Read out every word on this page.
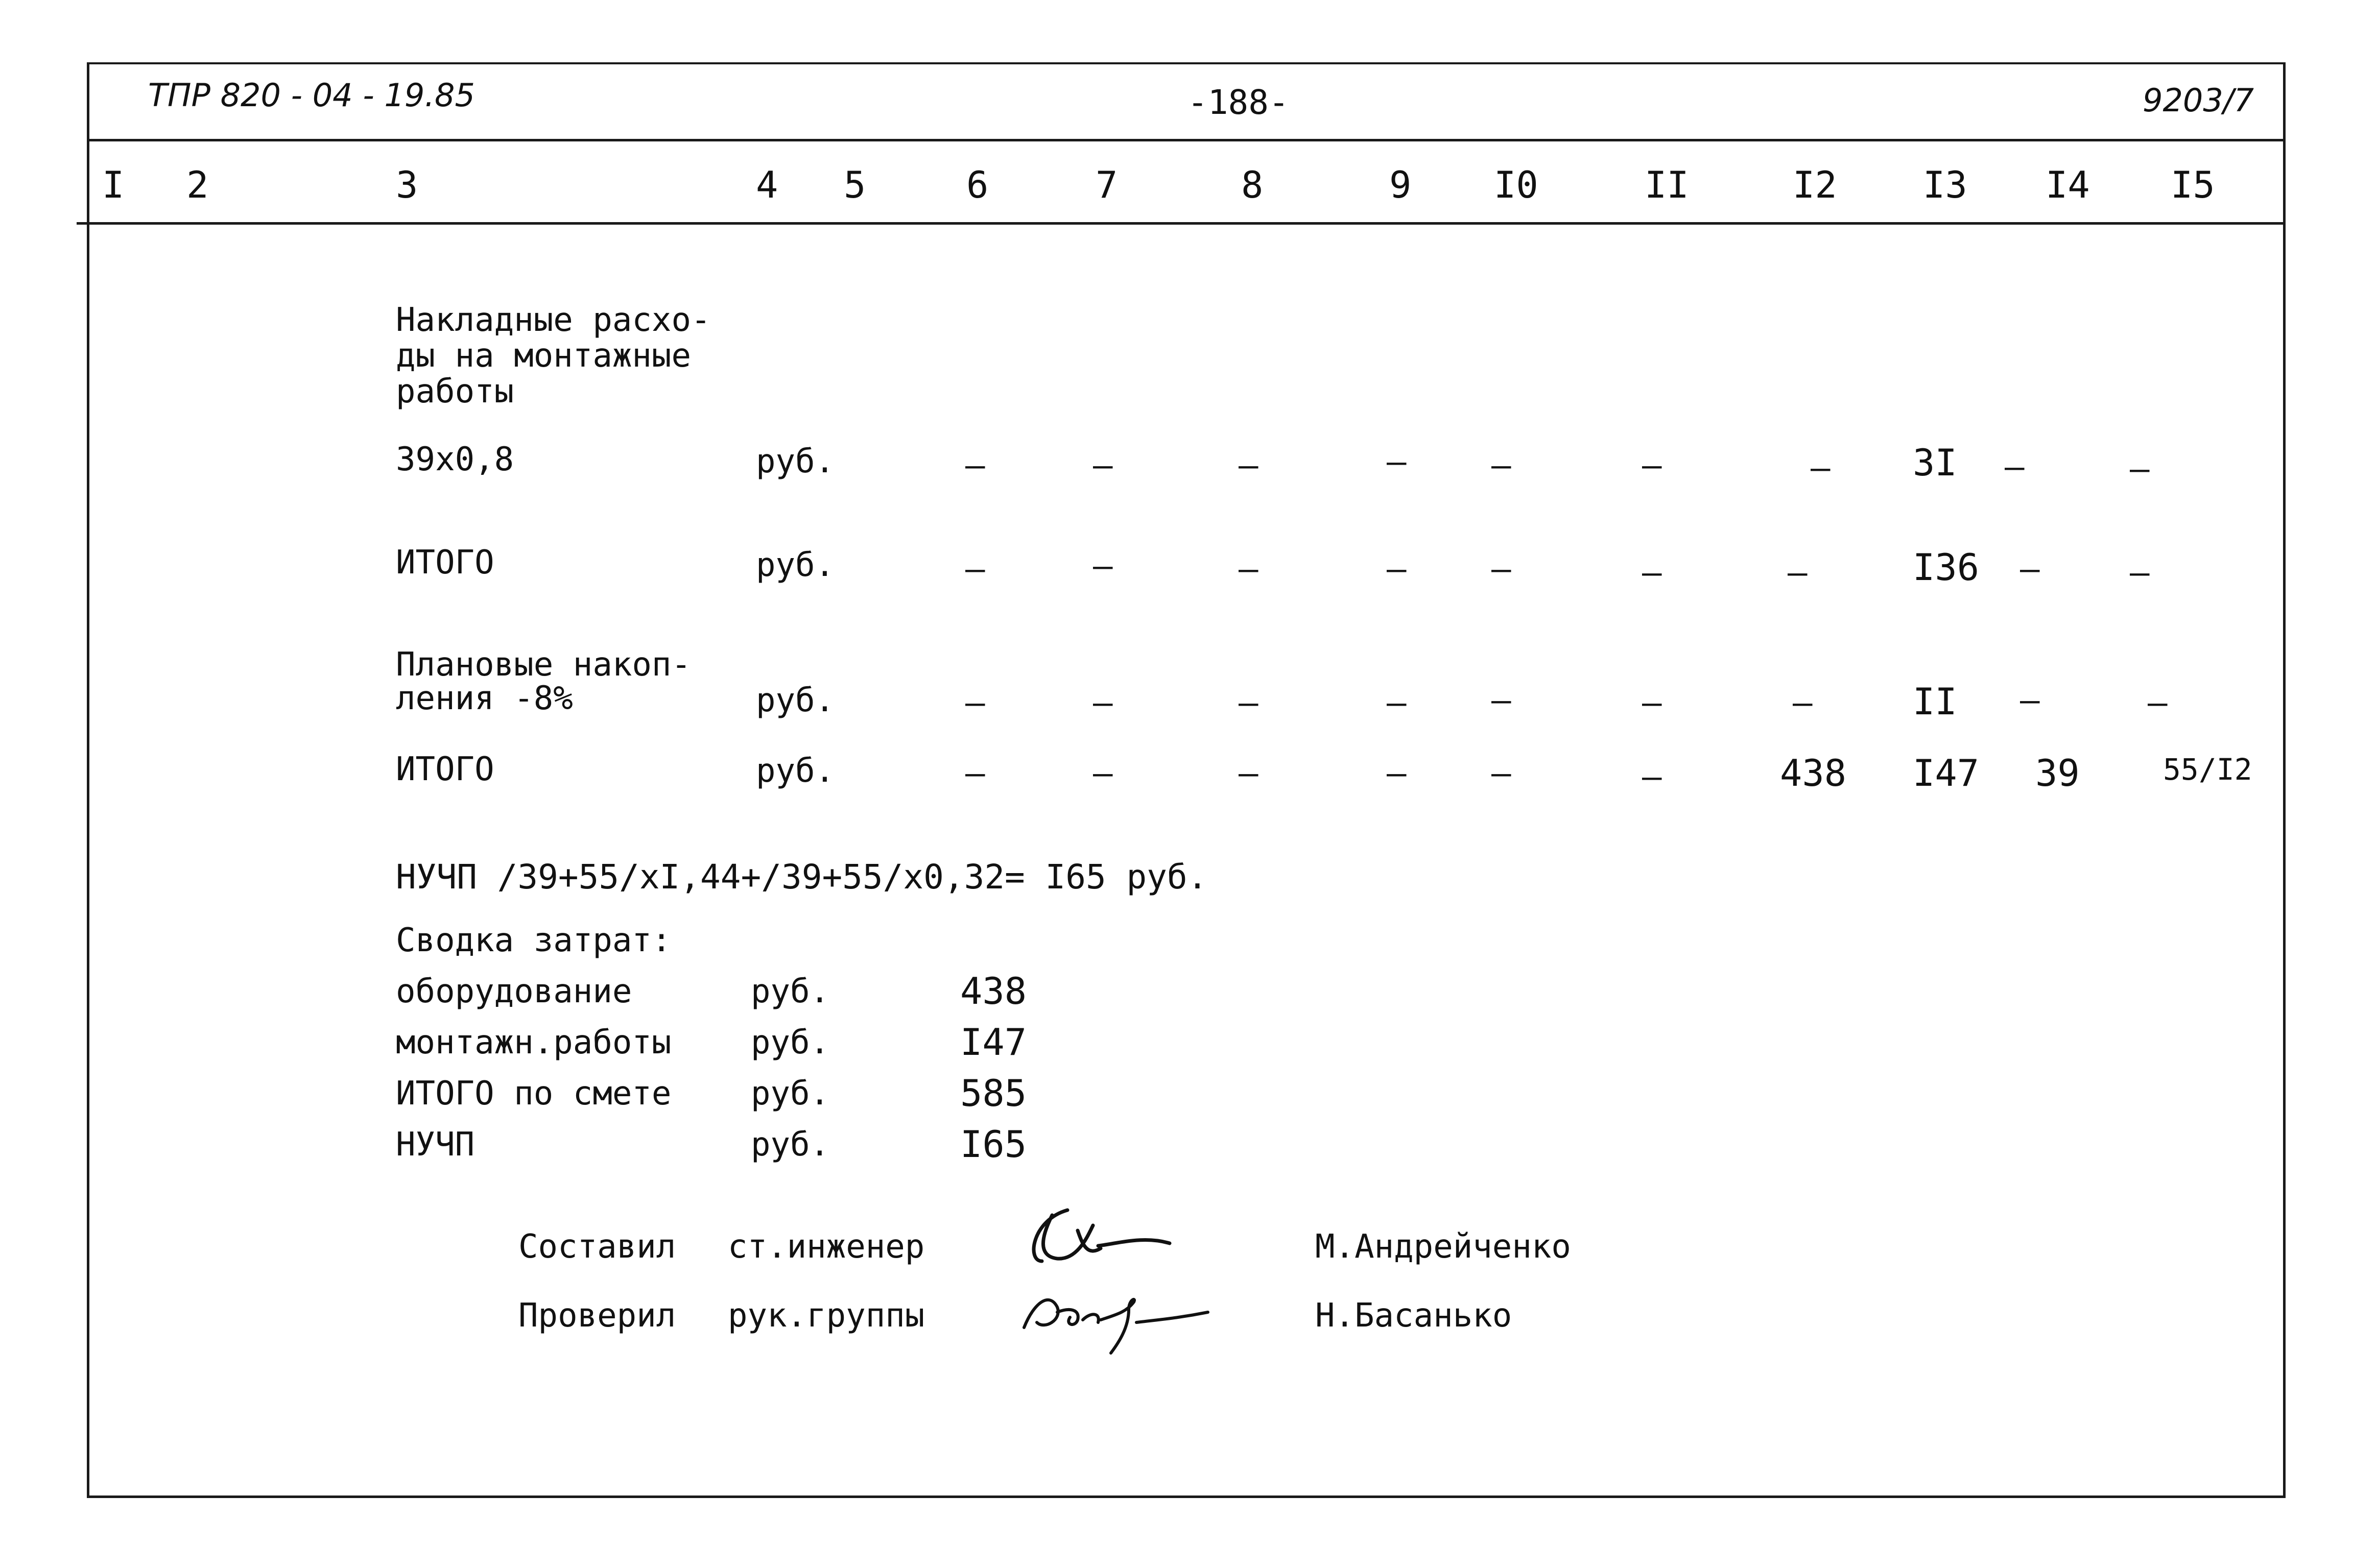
ТПР 820 - 04 - 19.85	-188-	9203/7
I 2	3	4 5	6	7	8	9 I0	II	I2 I3 I4 I5
Накладные расхо-
ды на монтажные
работы
39x0,8	руб.	–	–	–	–	–	–	– 3I –	–
ИТОГО	руб.	–	–	–	–	–	–	–	I36 –	–
Плановые накоп-
ления -8%	руб.	–	–	–	–	–	–	–	II –	–
ИТОГО	руб.	–	–	–	–	–	–	438 I47 39	55/I2
НУЧП /39+55/xI,44+/39+55/x0,32= I65 руб.
Сводка затрат:
оборудование	руб.	438
монтажн.работы руб.	I47
ИТОГО по смете руб.	585
НУЧП	руб.	I65
Составил ст.инженер	М.Андрейченко
Проверил рук.группы	Н.Басанько
